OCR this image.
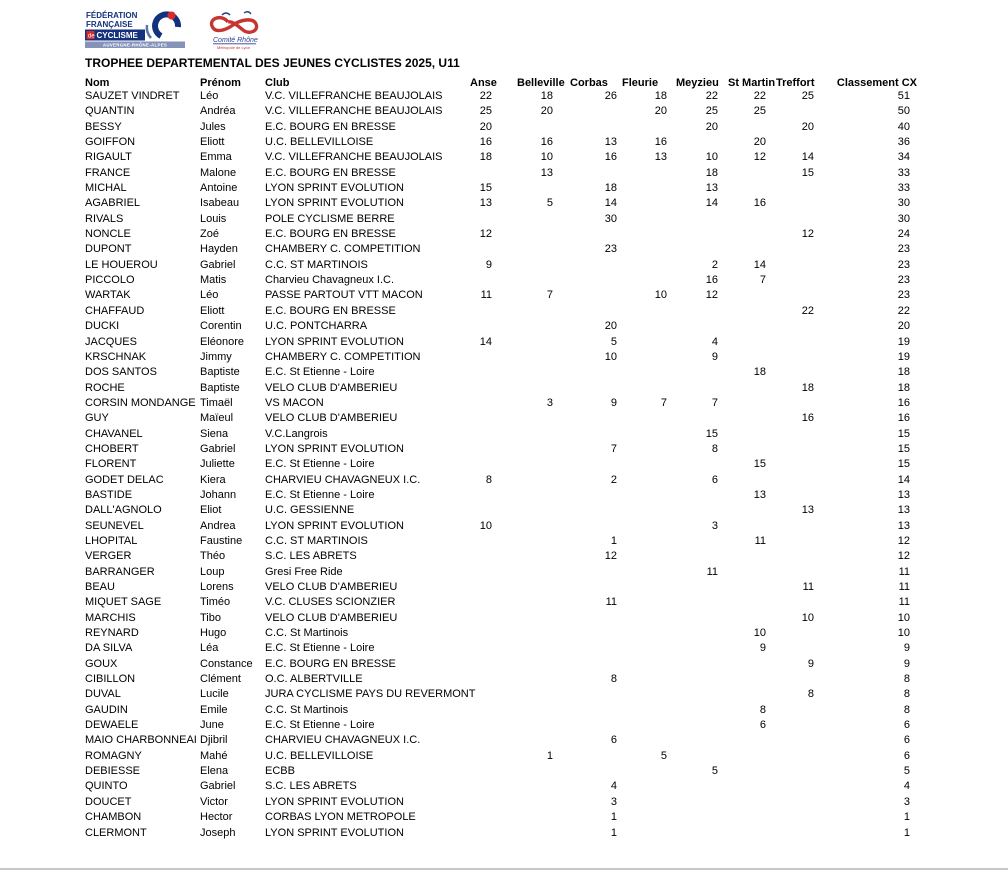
FÉDÉRATION
FRANÇAISE
de CYCLISME
AUVERGNE-RHÔNE-ALPES
Comité Rhône
Métropole de Lyon
TROPHEE DEPARTEMENTAL DES JEUNES CYCLISTES 2025, U11
Nom	Prénom	Club	Anse	Belleville	Corbas	Fleurie	Meyzieu	St Martin	Treffort	Classement CX
SAUZET VINDRET	Léo	V.C. VILLEFRANCHE BEAUJOLAIS	22	18	26	18	22	22	25	51
QUANTIN	Andréa	V.C. VILLEFRANCHE BEAUJOLAIS	25	20		20	25	25		50
BESSY	Jules	E.C. BOURG EN BRESSE	20				20		20	40
GOIFFON	Eliott	U.C. BELLEVILLOISE	16	16	13	16		20		36
RIGAULT	Emma	V.C. VILLEFRANCHE BEAUJOLAIS	18	10	16	13	10	12	14	34
FRANCE	Malone	E.C. BOURG EN BRESSE		13			18		15	33
MICHAL	Antoine	LYON SPRINT EVOLUTION	15		18		13			33
AGABRIEL	Isabeau	LYON SPRINT EVOLUTION	13	5	14		14	16		30
RIVALS	Louis	POLE CYCLISME BERRE			30					30
NONCLE	Zoé	E.C. BOURG EN BRESSE	12						12	24
DUPONT	Hayden	CHAMBERY C. COMPETITION			23					23
LE HOUEROU	Gabriel	C.C. ST MARTINOIS	9				2	14		23
PICCOLO	Matis	Charvieu Chavagneux I.C.					16	7		23
WARTAK	Léo	PASSE PARTOUT VTT MACON	11	7		10	12			23
CHAFFAUD	Eliott	E.C. BOURG EN BRESSE							22	22
DUCKI	Corentin	U.C. PONTCHARRA			20					20
JACQUES	Eléonore	LYON SPRINT EVOLUTION	14		5		4			19
KRSCHNAK	Jimmy	CHAMBERY C. COMPETITION			10		9			19
DOS SANTOS	Baptiste	E.C. St Etienne - Loire						18		18
ROCHE	Baptiste	VELO CLUB D'AMBERIEU							18	18
CORSIN MONDANGE	Timaël	VS MACON		3	9	7	7			16
GUY	Maïeul	VELO CLUB D'AMBERIEU							16	16
CHAVANEL	Siena	V.C.Langrois					15			15
CHOBERT	Gabriel	LYON SPRINT EVOLUTION			7		8			15
FLORENT	Juliette	E.C. St Etienne - Loire						15		15
GODET DELAC	Kiera	CHARVIEU CHAVAGNEUX I.C.	8		2		6			14
BASTIDE	Johann	E.C. St Etienne - Loire						13		13
DALL'AGNOLO	Eliot	U.C. GESSIENNE							13	13
SEUNEVEL	Andrea	LYON SPRINT EVOLUTION	10				3			13
LHOPITAL	Faustine	C.C. ST MARTINOIS			1			11		12
VERGER	Théo	S.C. LES ABRETS			12					12
BARRANGER	Loup	Gresi Free Ride					11			11
BEAU	Lorens	VELO CLUB D'AMBERIEU							11	11
MIQUET SAGE	Timéo	V.C. CLUSES SCIONZIER			11					11
MARCHIS	Tibo	VELO CLUB D'AMBERIEU							10	10
REYNARD	Hugo	C.C. St Martinois						10		10
DA SILVA	Léa	E.C. St Etienne - Loire						9		9
GOUX	Constance	E.C. BOURG EN BRESSE							9	9
CIBILLON	Clément	O.C. ALBERTVILLE			8					8
DUVAL	Lucile	JURA CYCLISME PAYS DU REVERMONT							8	8
GAUDIN	Emile	C.C. St Martinois						8		8
DEWAELE	June	E.C. St Etienne - Loire						6		6
MAIO CHARBONNEAI	Djibril	CHARVIEU CHAVAGNEUX I.C.			6					6
ROMAGNY	Mahé	U.C. BELLEVILLOISE		1		5				6
DEBIESSE	Elena	ECBB					5			5
QUINTO	Gabriel	S.C. LES ABRETS			4					4
DOUCET	Victor	LYON SPRINT EVOLUTION			3					3
CHAMBON	Hector	CORBAS LYON METROPOLE			1					1
CLERMONT	Joseph	LYON SPRINT EVOLUTION			1					1
